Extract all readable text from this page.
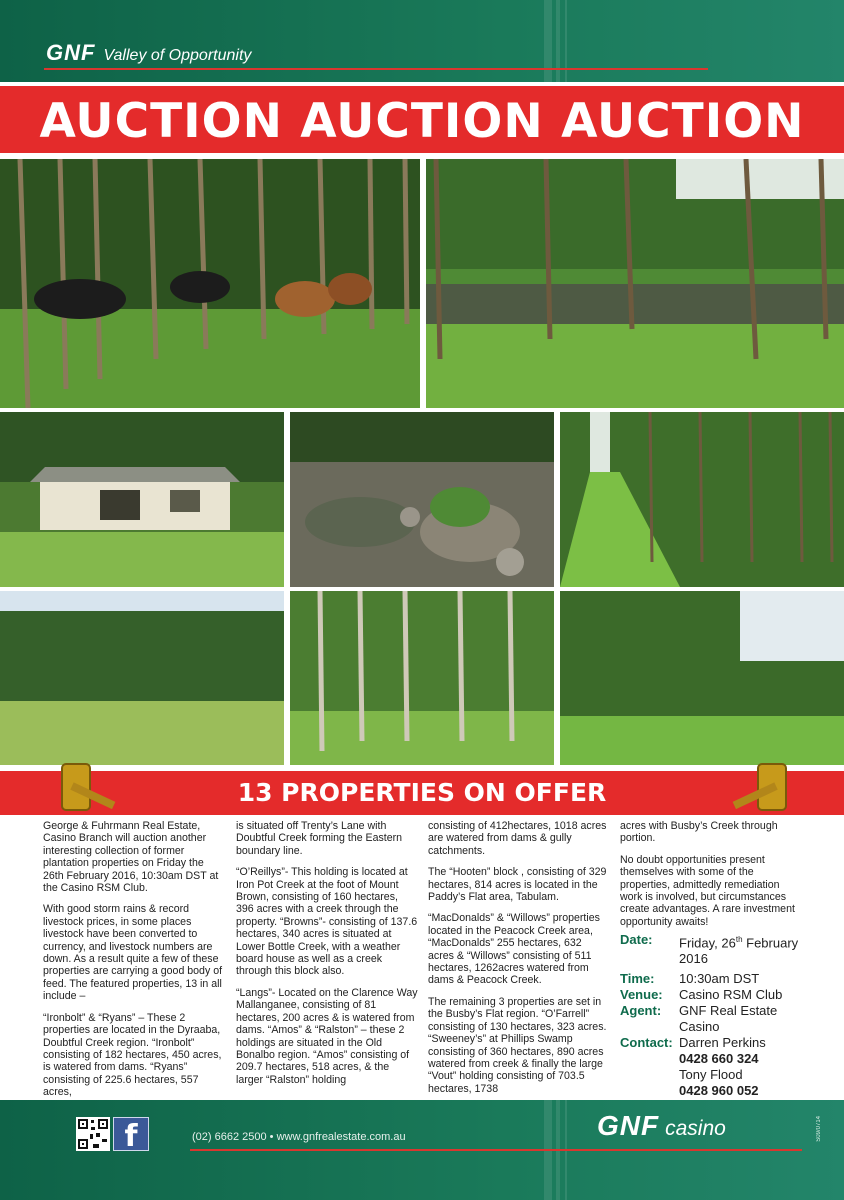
GNF Valley of Opportunity
AUCTION AUCTION AUCTION
13 PROPERTIES ON OFFER

George & Fuhrmann Real Estate, Casino Branch will auction another interesting collection of former plantation properties on Friday the 26th February 2016, 10:30am DST at the Casino RSM Club.

With good storm rains & record livestock prices, in some places livestock have been converted to currency, and livestock numbers are down. As a result quite a few of these properties are carrying a good body of feed. The featured properties, 13 in all include –

“Ironbolt” & “Ryans” – These 2 properties are located in the Dyraaba, Doubtful Creek region. “Ironbolt” consisting of 182 hectares, 450 acres, is watered from dams. “Ryans” consisting of 225.6 hectares, 557 acres,

is situated off Trenty’s Lane with Doubtful Creek forming the Eastern boundary line.

“O’Reillys”- This holding is located at Iron Pot Creek at the foot of Mount Brown, consisting of 160 hectares, 396 acres with a creek through the property. “Browns”- consisting of 137.6 hectares, 340 acres is situated at Lower Bottle Creek, with a weather board house as well as a creek through this block also.

“Langs”- Located on the Clarence Way Mallanganee, consisting of 81 hectares, 200 acres & is watered from dams. “Amos” & “Ralston” – these 2 holdings are situated in the Old Bonalbo region. “Amos” consisting of 209.7 hectares, 518 acres, & the larger “Ralston” holding

consisting of 412hectares, 1018 acres are watered from dams & gully catchments.

The “Hooten” block , consisting of 329 hectares, 814 acres is located in the Paddy’s Flat area, Tabulam.

“MacDonalds” & “Willows” properties located in the Peacock Creek area, “MacDonalds” 255 hectares, 632 acres & “Willows” consisting of 511 hectares, 1262acres watered from dams & Peacock Creek.

The remaining 3 properties are set in the Busby’s Flat region. “O’Farrell” consisting of 130 hectares, 323 acres. “Sweeney’s” at Phillips Swamp consisting of 360 hectares, 890 acres watered from creek & finally the large “Vout” holding consisting of 703.5 hectares, 1738

acres with Busby’s Creek through portion.

No doubt opportunities present themselves with some of the properties, admittedly remediation work is involved, but circumstances create advantages. A rare investment opportunity awaits!

Date:	Friday, 26th February
2016
Time:	10:30am DST
Venue:	Casino RSM Club
Agent:	GNF Real Estate
Casino
Contact: Darren Perkins
0428 660 324
Tony Flood
0428 960 052
f	(02) 6662 2500 • www.gnfrealestate.com.au	GNF casino	S09/0714
